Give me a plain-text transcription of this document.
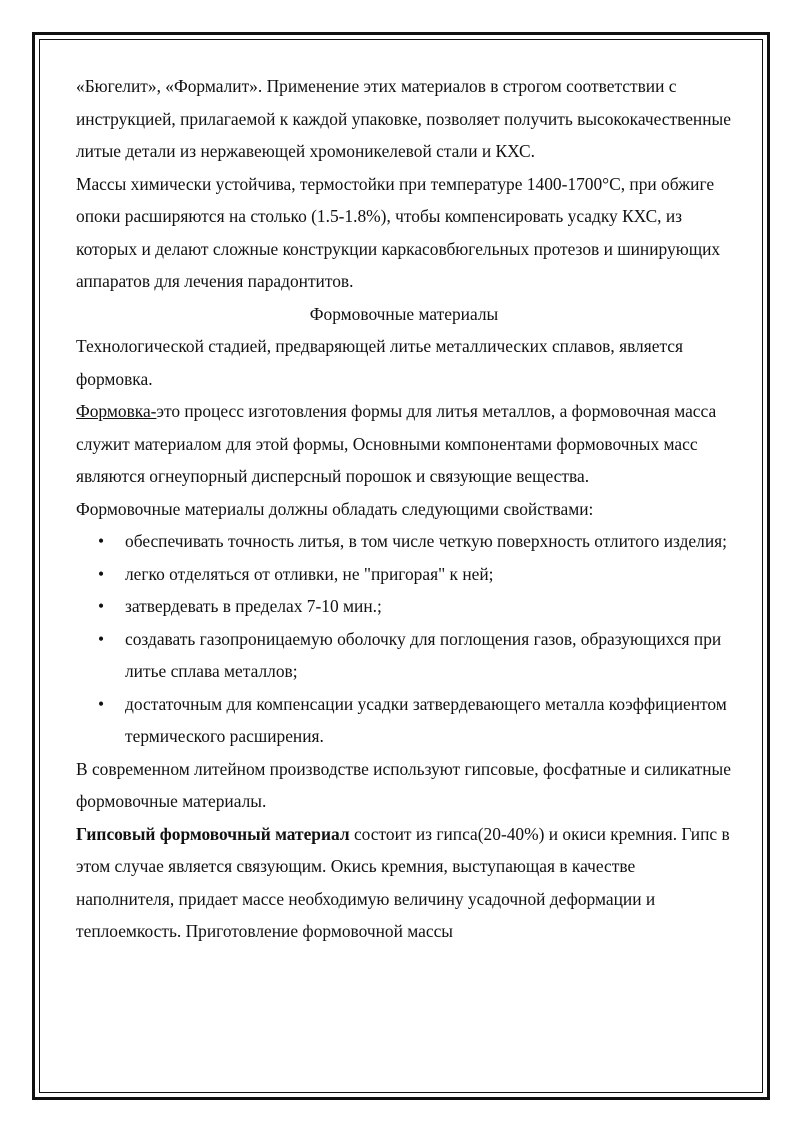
«Бюгелит», «Формалит». Применение этих материалов в строгом соответствии с инструкцией, прилагаемой к каждой упаковке, позволяет получить высококачественные литые детали из нержавеющей хромоникелевой стали и КХС.

Массы химически устойчива, термостойки при температуре 1400-1700°С, при обжиге опоки расширяются на столько (1.5-1.8%), чтобы компенсировать усадку КХС, из которых и делают сложные конструкции каркасовбюгельных протезов и шинирующих аппаратов для лечения парадонтитов.

Формовочные материалы

Технологической стадией, предваряющей литье металлических сплавов, является формовка.

Формовка-это процесс изготовления формы для литья металлов, а формовочная масса служит материалом для этой формы, Основными компонентами формовочных масс являются огнеупорный дисперсный порошок и связующие вещества.

Формовочные материалы должны обладать следующими свойствами:

• обеспечивать точность литья, в том числе четкую поверхность отлитого изделия;
• легко отделяться от отливки, не "пригорая" к ней;
• затвердевать в пределах 7-10 мин.;
• создавать газопроницаемую оболочку для поглощения газов, образующихся при литье сплава металлов;
• достаточным для компенсации усадки затвердевающего металла коэффициентом термического расширения.

В современном литейном производстве используют гипсовые, фосфатные и силикатные формовочные материалы.

Гипсовый формовочный материал состоит из гипса(20-40%) и окиси кремния. Гипс в этом случае является связующим. Окись кремния, выступающая в качестве наполнителя, придает массе необходимую величину усадочной деформации и теплоемкость. Приготовление формовочной массы
